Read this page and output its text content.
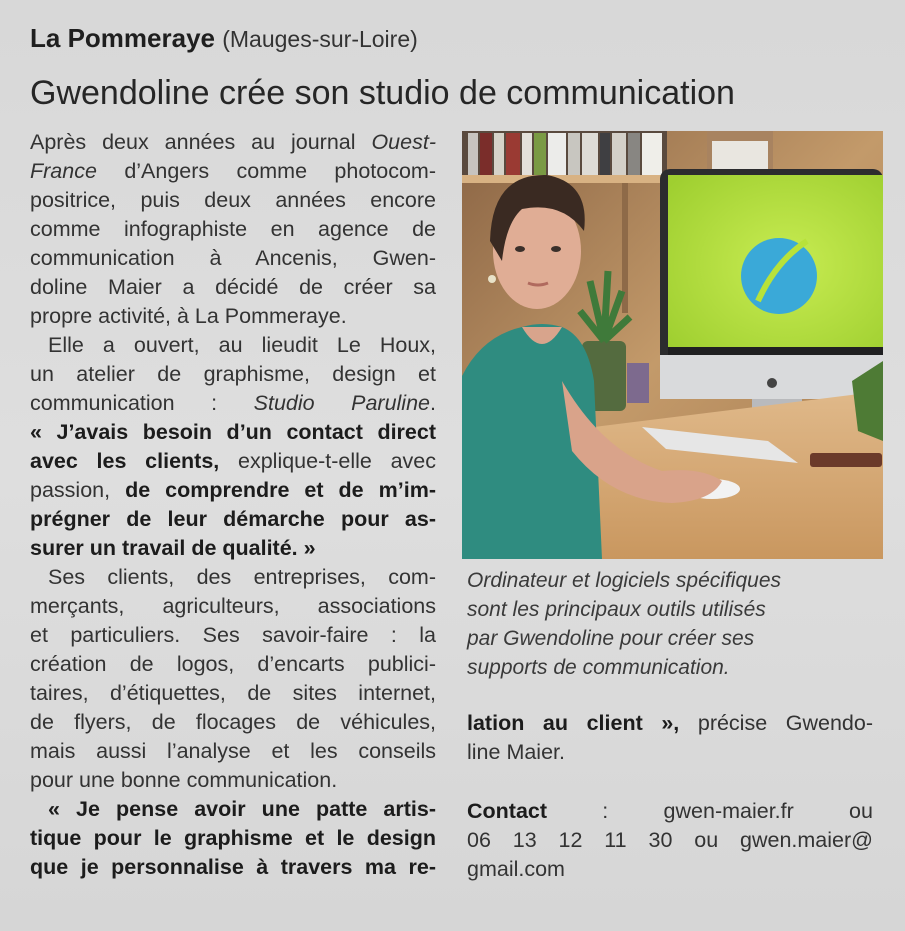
La Pommeraye (Mauges-sur-Loire)
Gwendoline crée son studio de communication
Après deux années au journal Ouest-
France d’Angers comme photocom-
positrice, puis deux années encore
comme infographiste en agence de
communication à Ancenis, Gwen-
doline Maier a décidé de créer sa
propre activité, à La Pommeraye.
Elle a ouvert, au lieudit Le Houx,
un atelier de graphisme, design et
communication : Studio Paruline.
« J’avais besoin d’un contact direct
avec les clients, explique-t-elle avec
passion, de comprendre et de m’im-
prégner de leur démarche pour as-
surer un travail de qualité. »
Ses clients, des entreprises, com-
merçants, agriculteurs, associations
et particuliers. Ses savoir-faire : la
création de logos, d’encarts publici-
taires, d’étiquettes, de sites internet,
de flyers, de flocages de véhicules,
mais aussi l’analyse et les conseils
pour une bonne communication.
« Je pense avoir une patte artis-
tique pour le graphisme et le design
que je personnalise à travers ma re-
Ordinateur et logiciels spécifiques
sont les principaux outils utilisés
par Gwendoline pour créer ses
supports de communication.
lation au client », précise Gwendo-
line Maier.
Contact	:	gwen-maier.fr ou
06 13 12 11 30 ou gwen.maier@
gmail.com
